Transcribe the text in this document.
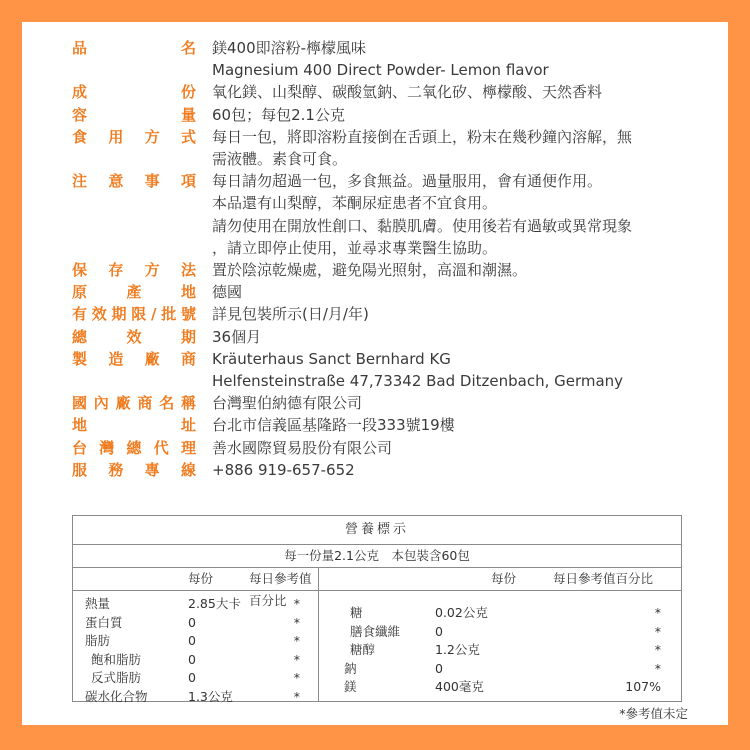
品	名 鎂400即溶粉-檸檬風味
Magnesium 400 Direct Powder- Lemon flavor
成	份 氧化鎂、山梨醇、碳酸氫鈉、二氧化矽、檸檬酸、天然香料
容	量 60包；每包2.1公克
食 用 方 式 每日一包，將即溶粉直接倒在舌頭上，粉末在幾秒鐘內溶解，無
需液體。素食可食。
注 意 事 項 每日請勿超過一包，多食無益。過量服用，會有通便作用。
本品還有山梨醇，苯酮尿症患者不宜食用。
請勿使用在開放性創口、黏膜肌膚。使用後若有過敏或異常現象
，請立即停止使用，並尋求專業醫生協助。
保 存 方 法 置於陰涼乾燥處，避免陽光照射，高溫和潮濕。
原	產	地 德國
有 效 期 限 / 批 號 詳見包裝所示(日/月/年)
總	效	期 36個月
製 造 廠 商 Kräuterhaus Sanct Bernhard KG
Helfensteinstraße 47,73342 Bad Ditzenbach, Germany
國 內 廠 商 名 稱 台灣聖伯納德有限公司
地	址 台北市信義區基隆路一段333號19樓
台 灣 總 代 理 善水國際貿易股份有限公司
服 務 專 線 +886 919-657-652
營養標示
每一份量2.1公克　本包裝含60包
每份	每日參考值百分比
熱量	2.85大卡	*
蛋白質	0	*
脂肪	0	*
飽和脂肪	0	*
反式脂肪	0	*
碳水化合物	1.3公克	*
每份	每日參考值百分比
糖	0.02公克	*
膳食纖維	0	*
糖醇	1.2公克	*
鈉	0	*
鎂	400毫克	107%
*參考值未定
